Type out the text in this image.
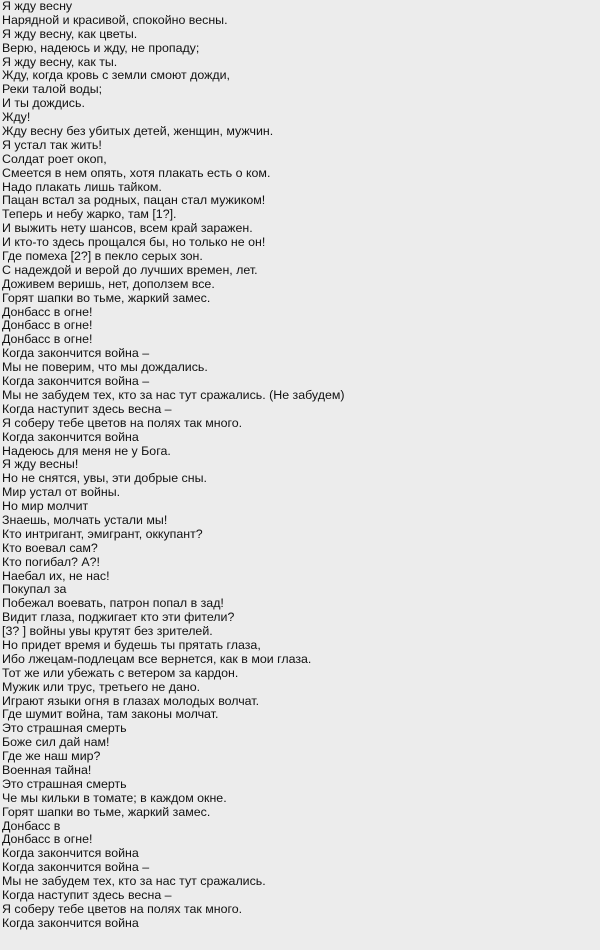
Я жду весну
Нарядной и красивой, спокойно весны.
Я жду весну, как цветы.
Верю, надеюсь и жду, не пропаду;
Я жду весну, как ты.
Жду, когда кровь с земли смоют дожди,
Реки талой воды;
И ты дождись.
Жду!
Жду весну без убитых детей, женщин, мужчин.
Я устал так жить!
Солдат роет окоп,
Смеется в нем опять, хотя плакать есть о ком.
Надо плакать лишь тайком.
Пацан встал за родных, пацан стал мужиком!
Теперь и небу жарко, там [1?].
И выжить нету шансов, всем край заражен.
И кто-то здесь прощался бы, но только не он!
Где помеха [2?] в пекло серых зон.
С надеждой и верой до лучших времен, лет.
Доживем веришь, нет, доползем все.
Горят шапки во тьме, жаркий замес.
Донбасс в огне!
Донбасс в огне!
Донбасс в огне!
Когда закончится война –
Мы не поверим, что мы дождались.
Когда закончится война –
Мы не забудем тех, кто за нас тут сражались. (Не забудем)
Когда наступит здесь весна –
Я соберу тебе цветов на полях так много.
Когда закончится война
Надеюсь для меня не у Бога.
Я жду весны!
Но не снятся, увы, эти добрые сны.
Мир устал от войны.
Но мир молчит
Знаешь, молчать устали мы!
Кто интригант, эмигрант, оккупант?
Кто воевал сам?
Кто погибал? А?!
Наебал их, не нас!
Покупал за
Побежал воевать, патрон попал в зад!
Видит глаза, поджигает кто эти фители?
[3? ] войны увы крутят без зрителей.
Но придет время и будешь ты прятать глаза,
Ибо лжецам-подлецам все вернется, как в мои глаза.
Тот же или убежать с ветером за кардон.
Мужик или трус, третьего не дано.
Играют языки огня в глазах молодых волчат.
Где шумит война, там законы молчат.
Это страшная смерть
Боже сил дай нам!
Где же наш мир?
Военная тайна!
Это страшная смерть
Че мы кильки в томате; в каждом окне.
Горят шапки во тьме, жаркий замес.
Донбасс в
Донбасс в огне!
Когда закончится война
Когда закончится война –
Мы не забудем тех, кто за нас тут сражались.
Когда наступит здесь весна –
Я соберу тебе цветов на полях так много.
Когда закончится война
